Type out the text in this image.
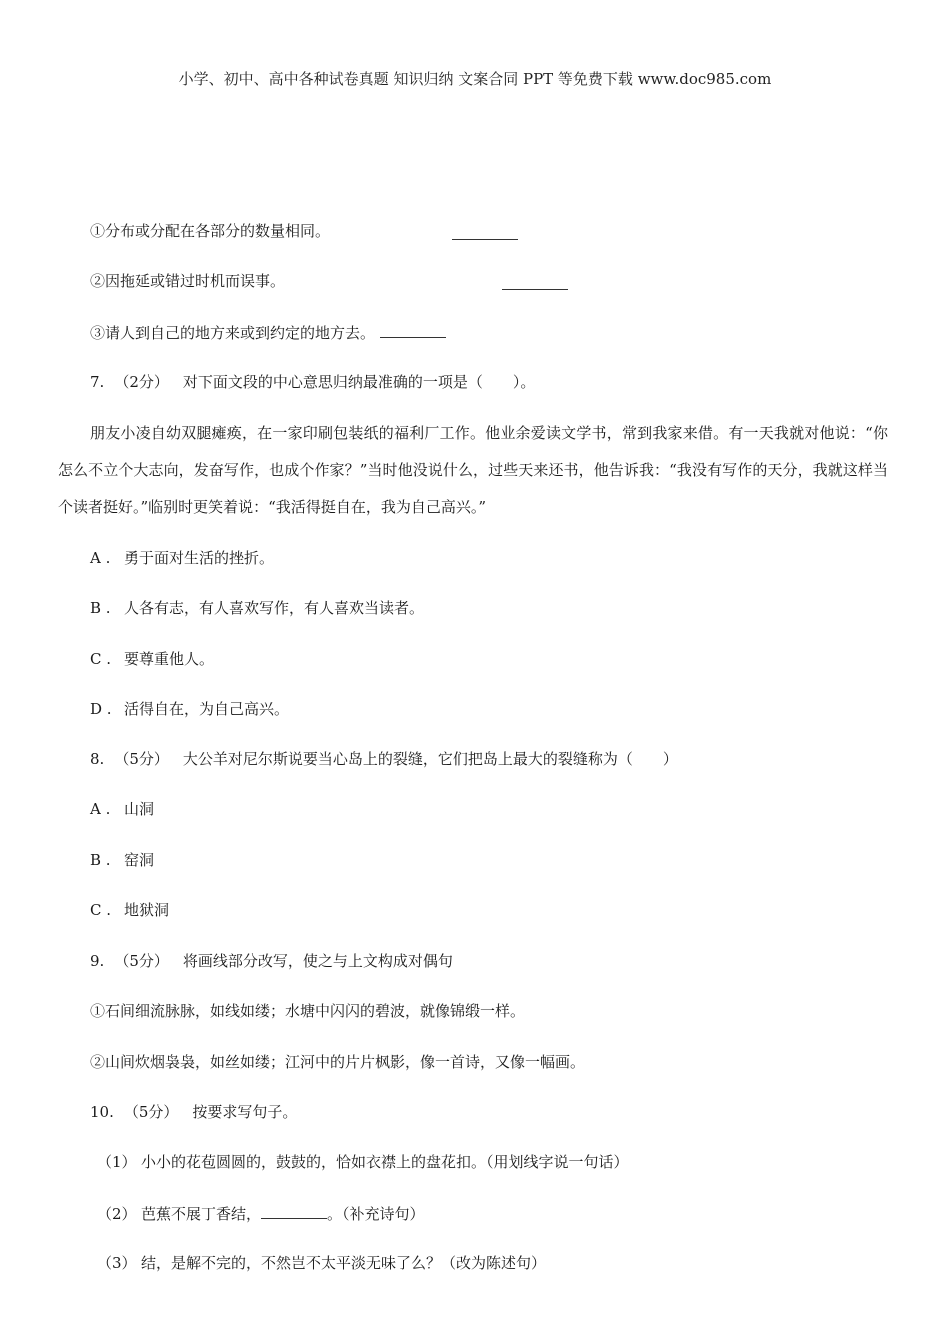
小学、初中、高中各种试卷真题 知识归纳 文案合同 PPT 等免费下载 www.doc985.com
①分布或分配在各部分的数量相同。
②因拖延或错过时机而误事。
③请人到自己的地方来或到约定的地方去。
7. （2分） 对下面文段的中心意思归纳最准确的一项是（　　）。
朋友小凌自幼双腿瘫痪，在一家印刷包装纸的福利厂工作。他业余爱读文学书，常到我家来借。有一天我就对他说：“你怎么不立个大志向，发奋写作，也成个作家？”当时他没说什么，过些天来还书，他告诉我：“我没有写作的天分，我就这样当个读者挺好。”临别时更笑着说：“我活得挺自在，我为自己高兴。”
A . 勇于面对生活的挫折。
B . 人各有志，有人喜欢写作，有人喜欢当读者。
C . 要尊重他人。
D . 活得自在，为自己高兴。
8. （5分） 大公羊对尼尔斯说要当心岛上的裂缝，它们把岛上最大的裂缝称为（　　）
A . 山洞
B . 窑洞
C . 地狱洞
9. （5分） 将画线部分改写，使之与上文构成对偶句
①石间细流脉脉，如线如缕；水塘中闪闪的碧波，就像锦缎一样。
②山间炊烟袅袅，如丝如缕；江河中的片片枫影，像一首诗，又像一幅画。
10. （5分） 按要求写句子。
（1） 小小的花苞圆圆的，鼓鼓的，恰如衣襟上的盘花扣。（用划线字说一句话）
（2） 芭蕉不展丁香结，	。（补充诗句）
（3） 结，是解不完的，不然岂不太平淡无味了么？（改为陈述句）
